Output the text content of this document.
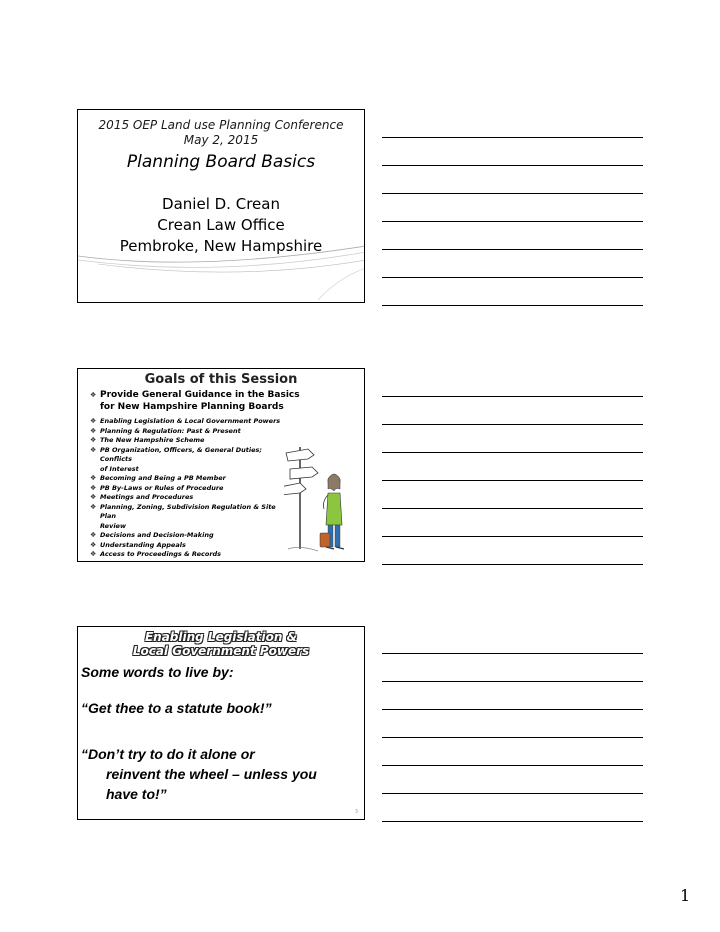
2015 OEP Land use Planning Conference
May 2, 2015
Planning Board Basics
Daniel D. Crean
Crean Law Office
Pembroke, New Hampshire
Goals of this Session
❖ Provide General Guidance in the Basics
for New Hampshire Planning Boards
❖ Enabling Legislation & Local Government Powers
❖ Planning & Regulation: Past & Present
❖ The New Hampshire Scheme
❖ PB Organization, Officers, & General Duties; Conflicts
of Interest
❖ Becoming and Being a PB Member
❖ PB By-Laws or Rules of Procedure
❖ Meetings and Procedures
❖ Planning, Zoning, Subdivision Regulation & Site Plan
Review
❖ Decisions and Decision-Making
❖ Understanding Appeals
❖ Access to Proceedings & Records
Enabling Legislation &
Local Government Powers
Some words to live by:
“Get thee to a statute book!”
“Don’t try to do it alone or
reinvent the wheel – unless you
have to!”
3
1
